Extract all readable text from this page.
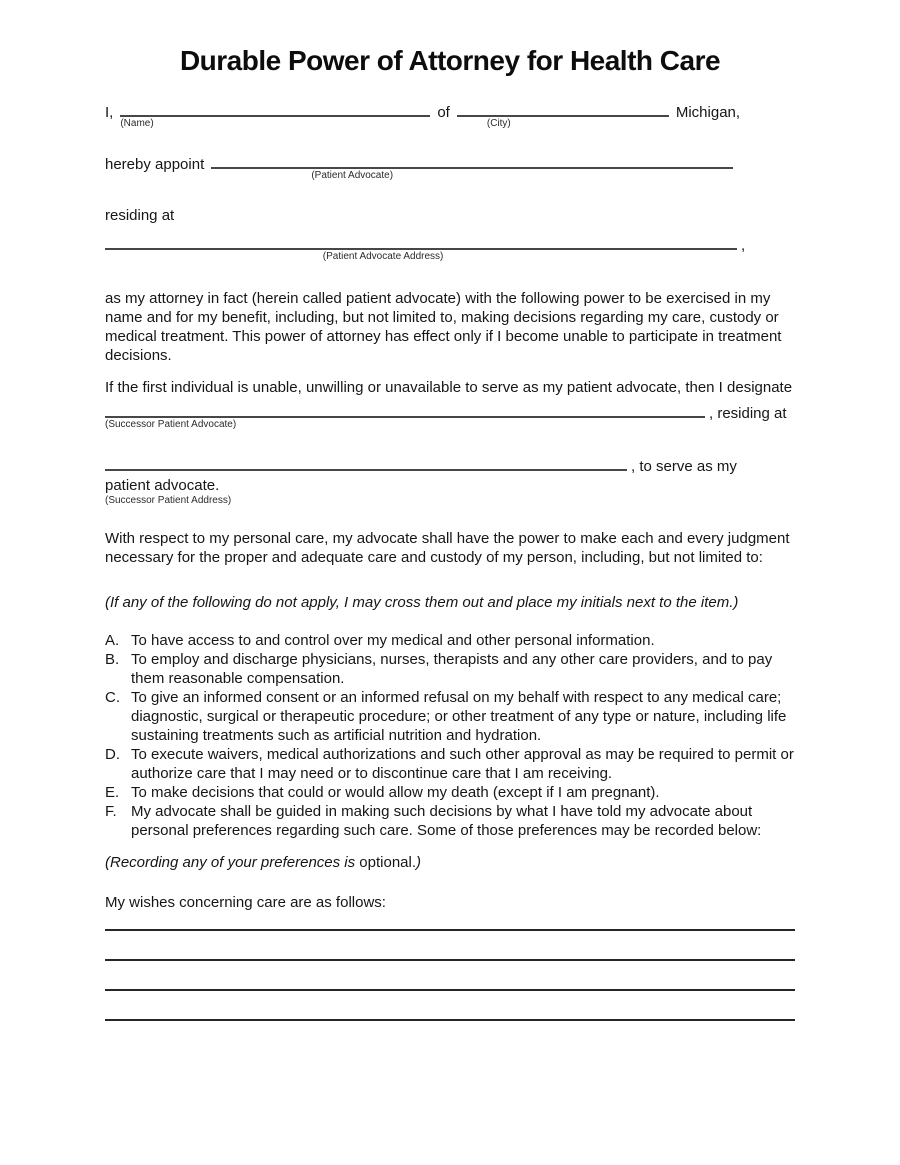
Durable Power of Attorney for Health Care
I,
(Name)
of
(City)
Michigan,
hereby appoint
(Patient Advocate)

residing at

(Patient Advocate Address)
,

as my attorney in fact (herein called patient advocate) with the following power to be exercised in my name and for my benefit, including, but not limited to, making decisions regarding my care, custody or medical treatment. This power of attorney has effect only if I become unable to participate in treatment decisions.

If the first individual is unable, unwilling or unavailable to serve as my patient advocate, then I designate

(Successor Patient Advocate)
, residing at
, to serve as my

patient advocate.

(Successor Patient Address)

With respect to my personal care, my advocate shall have the power to make each and every judgment necessary for the proper and adequate care and custody of my person, including, but not limited to:

(If any of the following do not apply, I may cross them out and place my initials next to the item.)

A. To have access to and control over my medical and other personal information.
B. To employ and discharge physicians, nurses, therapists and any other care providers, and to pay them reasonable compensation.
C. To give an informed consent or an informed refusal on my behalf with respect to any medical care; diagnostic, surgical or therapeutic procedure; or other treatment of any type or nature, including life sustaining treatments such as artificial nutrition and hydration.
D. To execute waivers, medical authorizations and such other approval as may be required to permit or authorize care that I may need or to discontinue care that I am receiving.
E. To make decisions that could or would allow my death (except if I am pregnant).
F. My advocate shall be guided in making such decisions by what I have told my advocate about personal preferences regarding such care. Some of those preferences may be recorded below:

(Recording any of your preferences is optional.)

My wishes concerning care are as follows:
